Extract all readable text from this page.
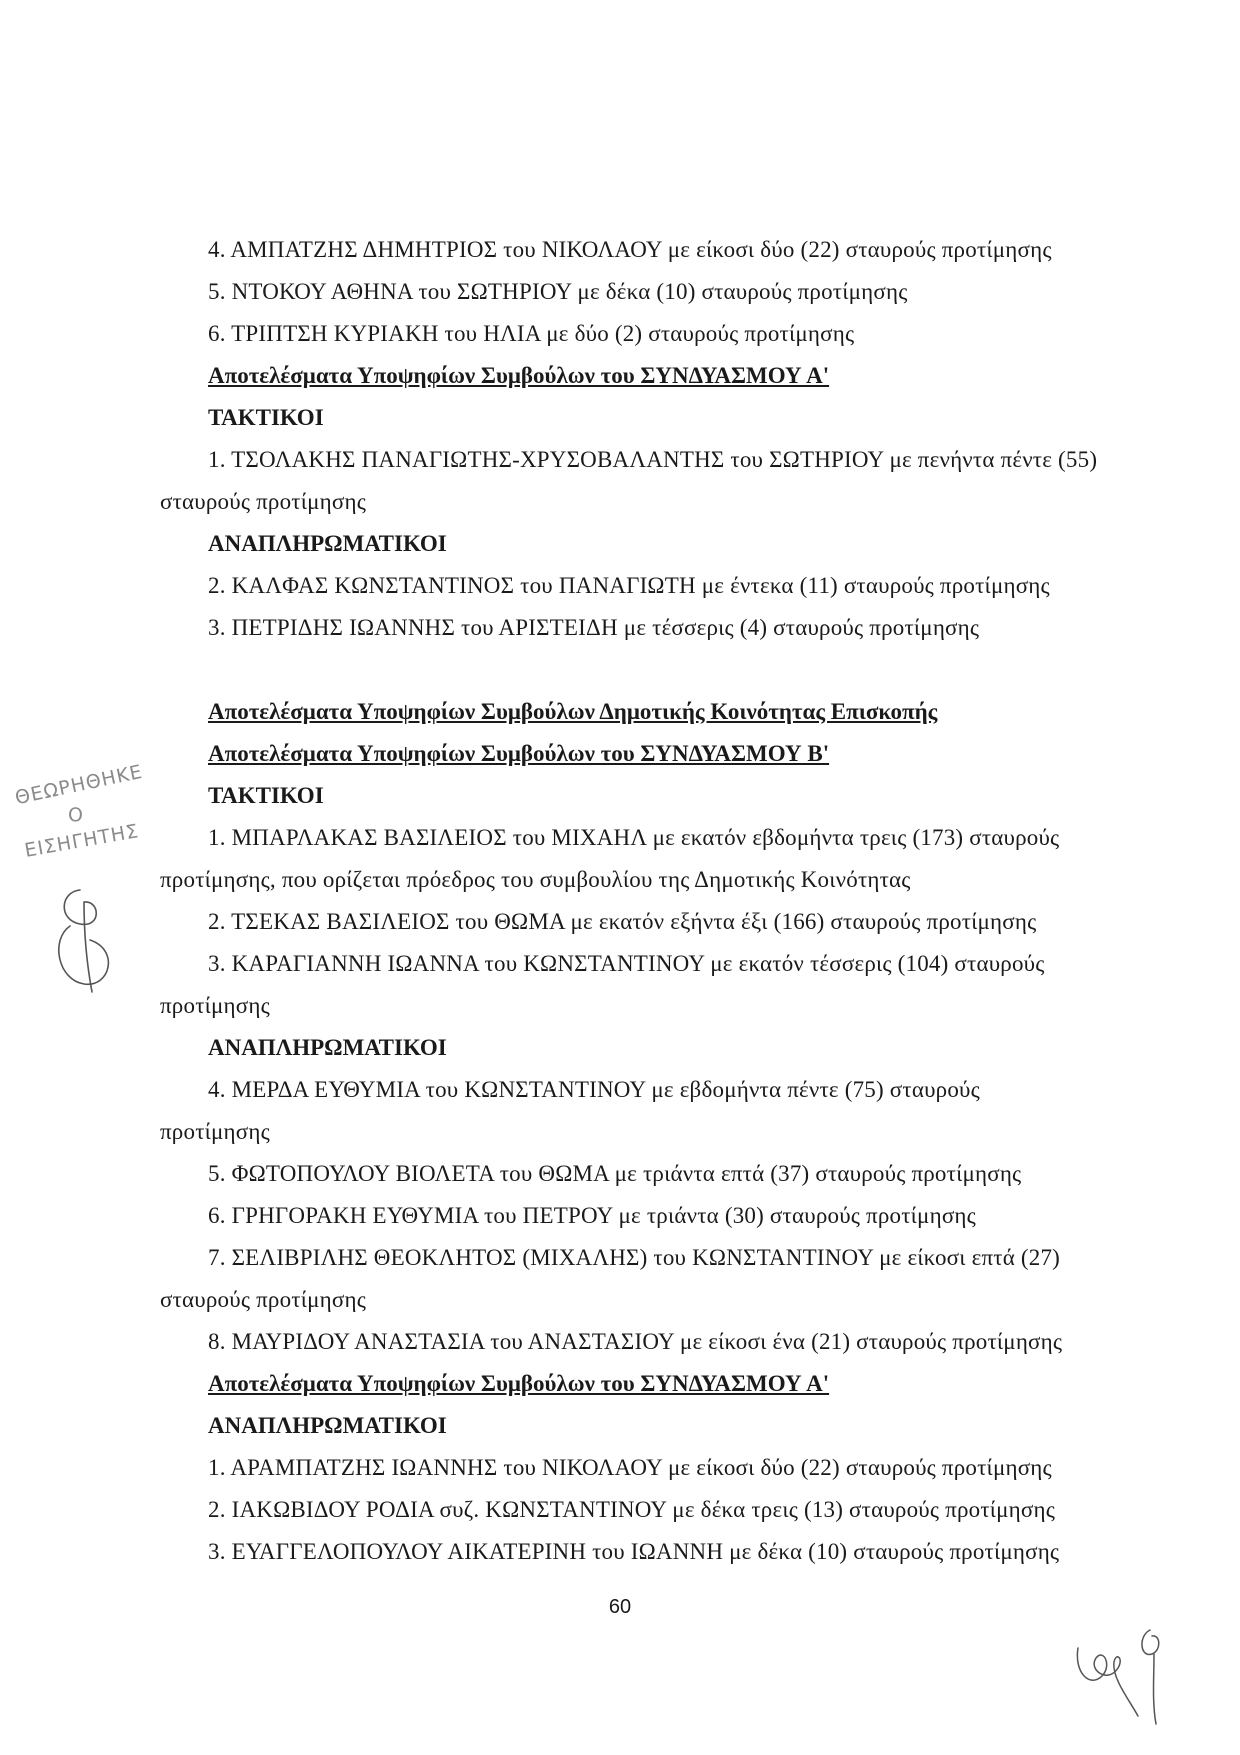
4. ΑΜΠΑΤΖΗΣ ΔΗΜΗΤΡΙΟΣ του ΝΙΚΟΛΑΟΥ με είκοσι δύο (22) σταυρούς προτίμησης
5. ΝΤΟΚΟΥ ΑΘΗΝΑ του ΣΩΤΗΡΙΟΥ με δέκα (10) σταυρούς προτίμησης
6. ΤΡΙΠΤΣΗ ΚΥΡΙΑΚΗ του ΗΛΙΑ με δύο (2) σταυρούς προτίμησης
Αποτελέσματα Υποψηφίων Συμβούλων του ΣΥΝΔΥΑΣΜΟΥ Α'
ΤΑΚΤΙΚΟΙ
1. ΤΣΟΛΑΚΗΣ ΠΑΝΑΓΙΩΤΗΣ-ΧΡΥΣΟΒΑΛΑΝΤΗΣ του ΣΩΤΗΡΙΟΥ με πενήντα πέντε (55)
σταυρούς προτίμησης
ΑΝΑΠΛΗΡΩΜΑΤΙΚΟΙ
2. ΚΑΛΦΑΣ ΚΩΝΣΤΑΝΤΙΝΟΣ του ΠΑΝΑΓΙΩΤΗ με έντεκα (11) σταυρούς προτίμησης
3. ΠΕΤΡΙΔΗΣ ΙΩΑΝΝΗΣ του ΑΡΙΣΤΕΙΔΗ με τέσσερις (4) σταυρούς προτίμησης
Αποτελέσματα Υποψηφίων Συμβούλων Δημοτικής Κοινότητας Επισκοπής
Αποτελέσματα Υποψηφίων Συμβούλων του ΣΥΝΔΥΑΣΜΟΥ Β'
ΤΑΚΤΙΚΟΙ
1. ΜΠΑΡΛΑΚΑΣ ΒΑΣΙΛΕΙΟΣ του ΜΙΧΑΗΛ με εκατόν εβδομήντα τρεις (173) σταυρούς
προτίμησης, που ορίζεται πρόεδρος του συμβουλίου της Δημοτικής Κοινότητας
2. ΤΣΕΚΑΣ ΒΑΣΙΛΕΙΟΣ του ΘΩΜΑ με εκατόν εξήντα έξι (166) σταυρούς προτίμησης
3. ΚΑΡΑΓΙΑΝΝΗ ΙΩΑΝΝΑ του ΚΩΝΣΤΑΝΤΙΝΟΥ με εκατόν τέσσερις (104) σταυρούς
προτίμησης
ΑΝΑΠΛΗΡΩΜΑΤΙΚΟΙ
4. ΜΕΡΔΑ ΕΥΘΥΜΙΑ του ΚΩΝΣΤΑΝΤΙΝΟΥ με εβδομήντα πέντε (75) σταυρούς
προτίμησης
5. ΦΩΤΟΠΟΥΛΟΥ ΒΙΟΛΕΤΑ του ΘΩΜΑ με τριάντα επτά (37) σταυρούς προτίμησης
6. ΓΡΗΓΟΡΑΚΗ ΕΥΘΥΜΙΑ του ΠΕΤΡΟΥ με τριάντα (30) σταυρούς προτίμησης
7. ΣΕΛΙΒΡΙΛΗΣ ΘΕΟΚΛΗΤΟΣ (ΜΙΧΑΛΗΣ) του ΚΩΝΣΤΑΝΤΙΝΟΥ με είκοσι επτά (27)
σταυρούς προτίμησης
8. ΜΑΥΡΙΔΟΥ ΑΝΑΣΤΑΣΙΑ του ΑΝΑΣΤΑΣΙΟΥ με είκοσι ένα (21) σταυρούς προτίμησης
Αποτελέσματα Υποψηφίων Συμβούλων του ΣΥΝΔΥΑΣΜΟΥ Α'
ΑΝΑΠΛΗΡΩΜΑΤΙΚΟΙ
1. ΑΡΑΜΠΑΤΖΗΣ ΙΩΑΝΝΗΣ του ΝΙΚΟΛΑΟΥ με είκοσι δύο (22) σταυρούς προτίμησης
2. ΙΑΚΩΒΙΔΟΥ ΡΟΔΙΑ συζ. ΚΩΝΣΤΑΝΤΙΝΟΥ με δέκα τρεις (13) σταυρούς προτίμησης
3. ΕΥΑΓΓΕΛΟΠΟΥΛΟΥ ΑΙΚΑΤΕΡΙΝΗ του ΙΩΑΝΝΗ με δέκα (10) σταυρούς προτίμησης
60
ΘΕΩΡΗΘΗΚΕ
Ο
ΕΙΣΗΓΗΤΗΣ
